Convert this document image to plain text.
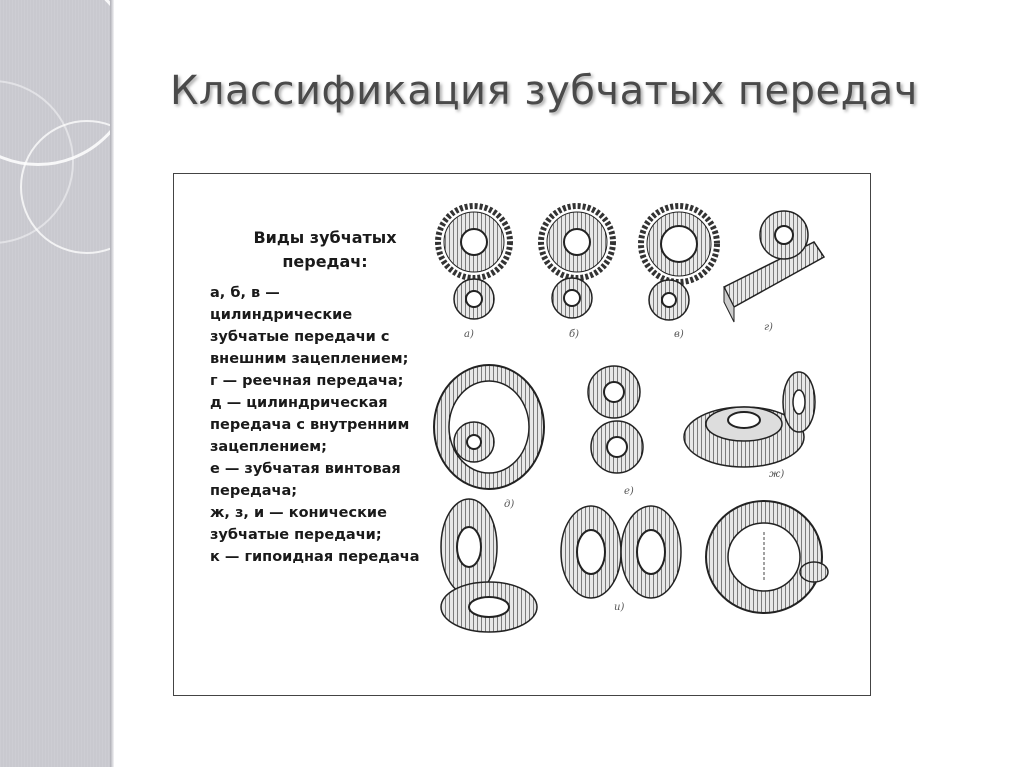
Классификация зубчатых передач
Виды зубчатых
передач:
а, б, в —
цилиндрические
зубчатые передачи с
внешним зацеплением;
г — реечная передача;
д — цилиндрическая
передача с внутренним
зацеплением;
е — зубчатая винтовая
передача;
ж, з, и — конические
зубчатые передачи;
к — гипоидная передача
а)	б)	в)
г)
д)
е)
ж)
и)
